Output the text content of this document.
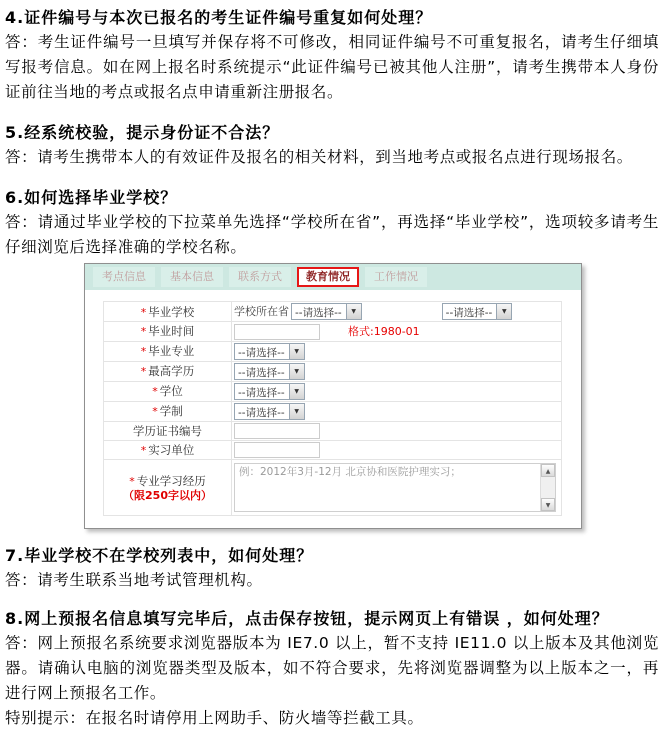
4.证件编号与本次已报名的考生证件编号重复如何处理？

答：考生证件编号一旦填写并保存将不可修改，相同证件编号不可重复报名，请考生仔细填写报考信息。如在网上报名时系统提示“此证件编号已被其他人注册”，请考生携带本人身份证前往当地的考点或报名点申请重新注册报名。

5.经系统校验，提示身份证不合法？

答：请考生携带本人的有效证件及报名的相关材料，到当地考点或报名点进行现场报名。

6.如何选择毕业学校？

答：请通过毕业学校的下拉菜单先选择“学校所在省”，再选择“毕业学校”，选项较多请考生仔细浏览后选择准确的学校名称。

考点信息	基本信息	联系方式	教育情况	工作情况
* 毕业学校	学校所在省 --请选择-- ▼ --请选择-- ▼

* 毕业时间	格式:1980-01
* 毕业专业	--请选择-- ▼

* 最高学历	--请选择-- ▼

* 学位	--请选择-- ▼

* 学制	--请选择-- ▼

学历证书编号	
* 实习单位	

* 专业学习经历
（限250字以内）

例：2012年3月-12月 北京协和医院护理实习；	▲
▼

7.毕业学校不在学校列表中，如何处理？

答：请考生联系当地考试管理机构。

8.网上预报名信息填写完毕后，点击保存按钮，提示网页上有错误 ，如何处理？

答：网上预报名系统要求浏览器版本为 IE7.0 以上，暂不支持 IE11.0 以上版本及其他浏览器。请确认电脑的浏览器类型及版本，如不符合要求，先将浏览器调整为以上版本之一，再进行网上预报名工作。

特别提示：在报名时请停用上网助手、防火墙等拦截工具。
